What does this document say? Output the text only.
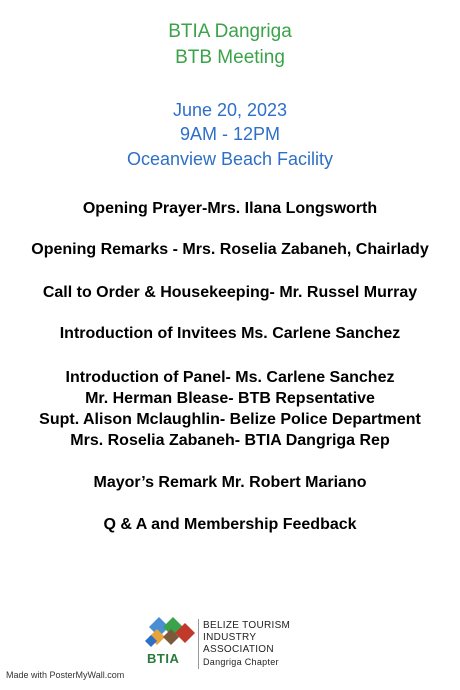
BTIA Dangriga
BTB Meeting
June 20, 2023
9AM - 12PM
Oceanview Beach Facility
Opening Prayer-Mrs. Ilana Longsworth
Opening Remarks - Mrs. Roselia Zabaneh, Chairlady
Call to Order & Housekeeping- Mr. Russel Murray
Introduction of Invitees Ms. Carlene Sanchez
Introduction of Panel- Ms. Carlene Sanchez
Mr. Herman Blease- BTB Repsentative
Supt. Alison Mclaughlin- Belize Police Department
Mrs. Roselia Zabaneh- BTIA Dangriga Rep
Mayor’s Remark Mr. Robert Mariano
Q & A and Membership Feedback
BTIA
BELIZE TOURISM
INDUSTRY
ASSOCIATION
Dangriga Chapter
Made with PosterMyWall.com
